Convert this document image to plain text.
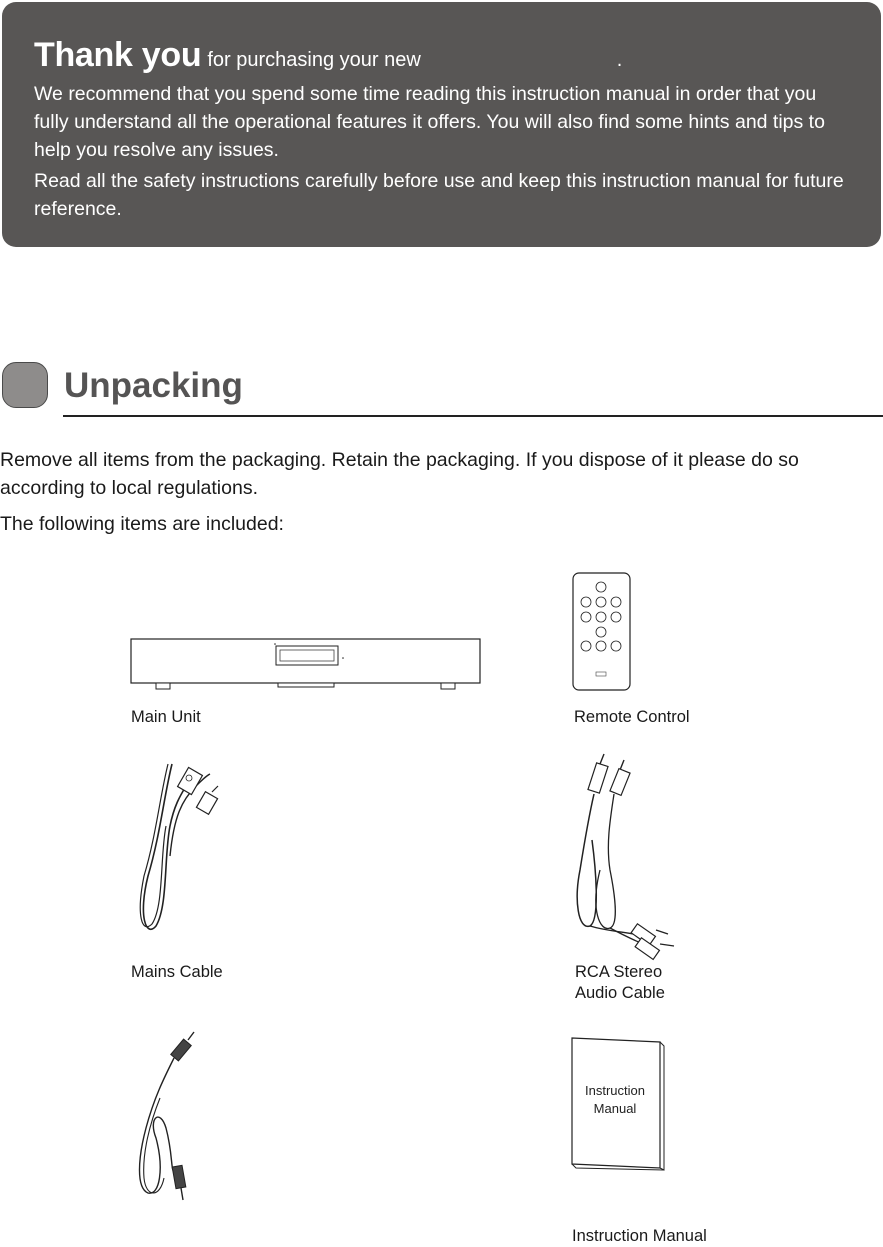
Thank you for purchasing your new	.

We recommend that you spend some time reading this instruction manual in order that you fully understand all the operational features it offers. You will also find some hints and tips to help you resolve any issues.

Read all the safety instructions carefully before use and keep this instruction manual for future reference.

Unpacking

Remove all items from the packaging. Retain the packaging. If you dispose of it please do so according to local regulations.

The following items are included:

Main Unit	Remote Control
Mains Cable	RCA Stereo
Audio Cable
Instruction
Manual
Instruction Manual
